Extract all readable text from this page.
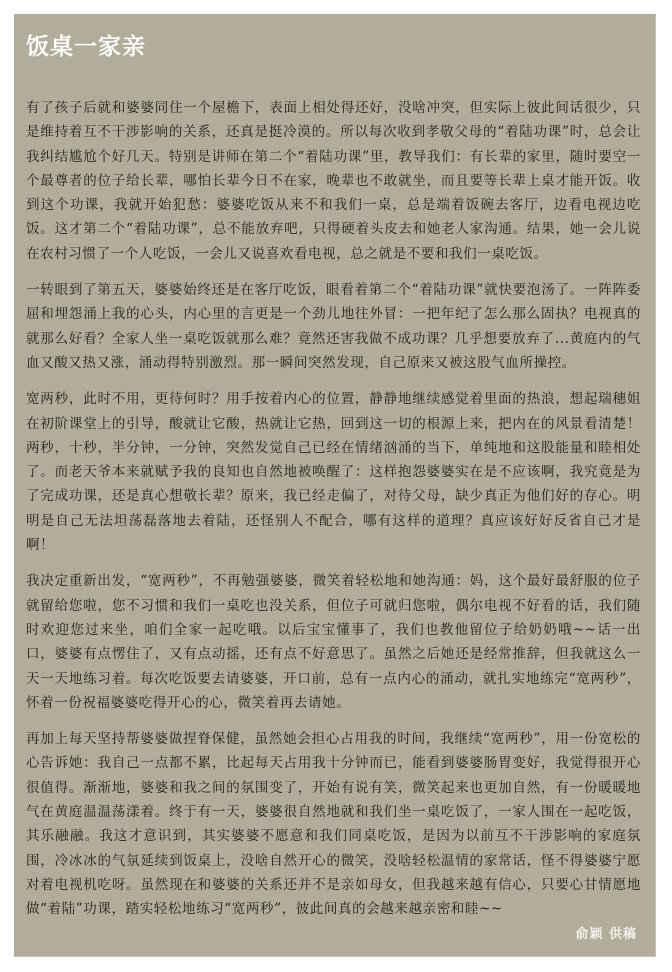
饭桌一家亲

有了孩子后就和婆婆同住一个屋檐下，表面上相处得还好，没啥冲突，但实际上彼此间话很少，只是维持着互不干涉影响的关系，还真是挺冷漠的。所以每次收到孝敬父母的“着陆功课”时，总会让我纠结尴尬个好几天。特别是讲师在第二个“着陆功课”里，教导我们：有长辈的家里，随时要空一个最尊者的位子给长辈，哪怕长辈今日不在家，晚辈也不敢就坐，而且要等长辈上桌才能开饭。收到这个功课，我就开始犯愁：婆婆吃饭从来不和我们一桌，总是端着饭碗去客厅，边看电视边吃饭。这才第二个“着陆功课”，总不能放弃吧，只得硬着头皮去和她老人家沟通。结果，她一会儿说在农村习惯了一个人吃饭，一会儿又说喜欢看电视，总之就是不要和我们一桌吃饭。

一转眼到了第五天，婆婆始终还是在客厅吃饭，眼看着第二个“着陆功课”就快要泡汤了。一阵阵委屈和埋怨涌上我的心头，内心里的言更是一个劲儿地往外冒：一把年纪了怎么那么固执？电视真的就那么好看？全家人坐一桌吃饭就那么难？竟然还害我做不成功课？几乎想要放弃了...黄庭内的气血又酸又热又涨，涌动得特别激烈。那一瞬间突然发现，自己原来又被这股气血所操控。

宽两秒，此时不用，更待何时？用手按着内心的位置，静静地继续感觉着里面的热浪，想起瑞穗姐在初阶课堂上的引导，酸就让它酸，热就让它热，回到这一切的根源上来，把内在的风景看清楚！两秒，十秒，半分钟，一分钟，突然发觉自己已经在情绪汹涌的当下，单纯地和这股能量和睦相处了。而老天爷本来就赋予我的良知也自然地被唤醒了：这样抱怨婆婆实在是不应该啊，我究竟是为了完成功课，还是真心想敬长辈？原来，我已经走偏了，对待父母，缺少真正为他们好的存心。明明是自己无法坦荡磊落地去着陆，还怪别人不配合，哪有这样的道理？真应该好好反省自己才是啊！

我决定重新出发，“宽两秒”，不再勉强婆婆，微笑着轻松地和她沟通：妈，这个最好最舒服的位子就留给您啦，您不习惯和我们一桌吃也没关系，但位子可就归您啦，偶尔电视不好看的话，我们随时欢迎您过来坐，咱们全家一起吃哦。以后宝宝懂事了，我们也教他留位子给奶奶哦~~话一出口，婆婆有点愣住了，又有点动摇，还有点不好意思了。虽然之后她还是经常推辞，但我就这么一天一天地练习着。每次吃饭要去请婆婆，开口前，总有一点内心的涌动，就扎实地练完“宽两秒”，怀着一份祝福婆婆吃得开心的心，微笑着再去请她。

再加上每天坚持帮婆婆做捏脊保健，虽然她会担心占用我的时间，我继续“宽两秒”，用一份宽松的心告诉她：我自己一点都不累，比起每天占用我十分钟而已，能看到婆婆肠胃变好，我觉得很开心很值得。渐渐地，婆婆和我之间的氛围变了，开始有说有笑，微笑起来也更加自然，有一份暖暖地气在黄庭温温荡漾着。终于有一天，婆婆很自然地就和我们坐一桌吃饭了，一家人围在一起吃饭，其乐融融。我这才意识到，其实婆婆不愿意和我们同桌吃饭，是因为以前互不干涉影响的家庭氛围，冷冰冰的气氛延续到饭桌上，没啥自然开心的微笑，没啥轻松温情的家常话，怪不得婆婆宁愿对着电视机吃呀。虽然现在和婆婆的关系还并不是亲如母女，但我越来越有信心，只要心甘情愿地做“着陆”功课，踏实轻松地练习“宽两秒”，彼此间真的会越来越亲密和睦~~

俞颖 供稿
